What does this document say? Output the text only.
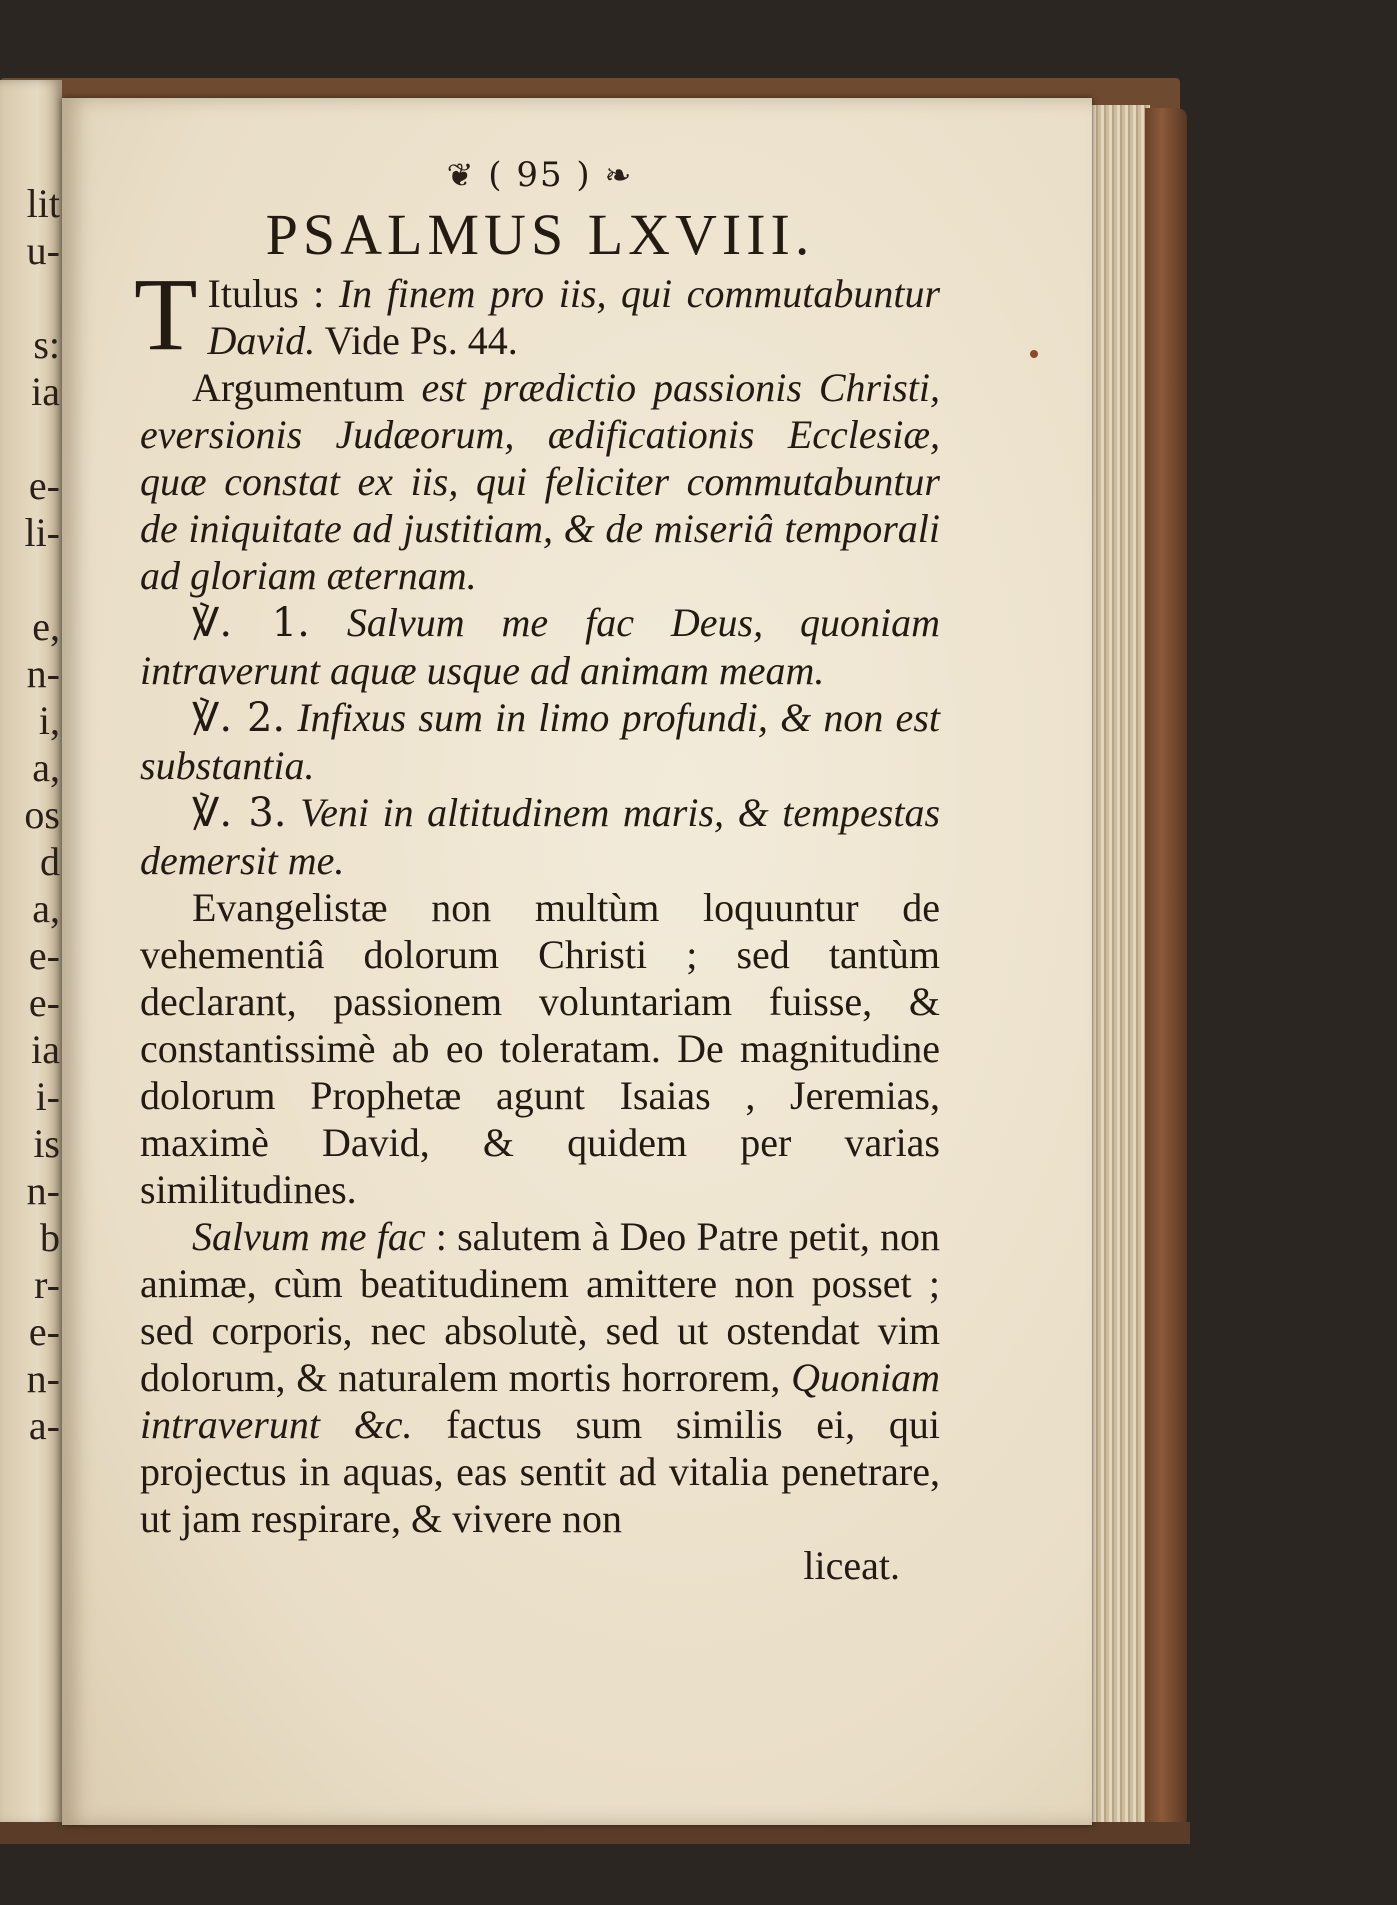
lit
u-

s:
ia

e-
li-

e,
n-
i,
a,
os
d
a,
e-
e-
ia
i-
is
n-
b
r-
e-
n-
a-
❦ ( 95 ) ❧
PSALMUS LXVIII.
T Itulus : In finem pro iis, qui commutabuntur David. Vide Ps. 44.
Argumentum est prædictio passionis Christi, eversionis Judæorum, ædificationis Ecclesiæ, quæ constat ex iis, qui feliciter commutabuntur de iniquitate ad justitiam, & de miseriâ temporali ad gloriam æternam.
℣. 1. Salvum me fac Deus, quoniam intraverunt aquæ usque ad animam meam.
℣. 2. Infixus sum in limo profundi, & non est substantia.
℣. 3. Veni in altitudinem maris, & tempestas demersit me.
Evangelistæ non multùm loquuntur de vehementiâ dolorum Christi ; sed tantùm declarant, passionem voluntariam fuisse, & constantissimè ab eo toleratam. De magnitudine dolorum Prophetæ agunt Isaias , Jeremias, maximè David, & quidem per varias similitudines.
Salvum me fac : salutem à Deo Patre petit, non animæ, cùm beatitudinem amittere non posset ; sed corporis, nec absolutè, sed ut ostendat vim dolorum, & naturalem mortis horrorem, Quoniam intraverunt &c. factus sum similis ei, qui projectus in aquas, eas sentit ad vitalia penetrare, ut jam respirare, & vivere non
liceat.
